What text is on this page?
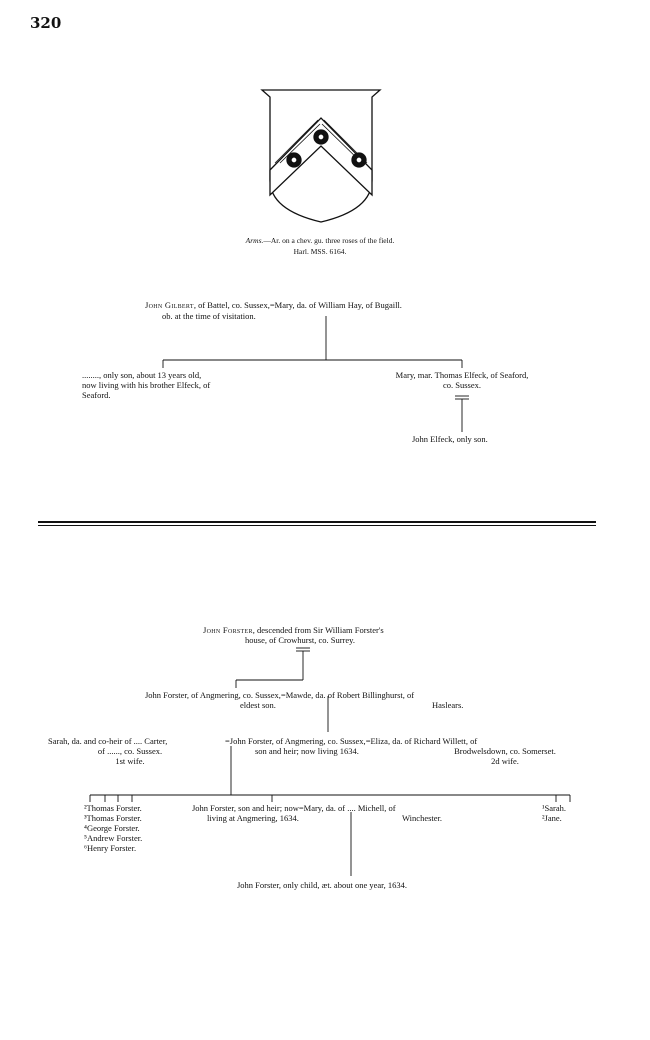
320
Arms.—Ar. on a chev. gu. three roses of the field.
Harl. MSS. 6164.
John Gilbert, of Battel, co. Sussex,=Mary, da. of William Hay, of Bugaill.
ob. at the time of visitation.
........, only son, about 13 years old,
now living with his brother Elfeck, of
Seaford.
Mary, mar. Thomas Elfeck, of Seaford,
co. Sussex.
John Elfeck, only son.
John Forster, descended from Sir William Forster's
house, of Crowhurst, co. Surrey.
John Forster, of Angmering, co. Sussex,=Mawde, da. of Robert Billinghurst, of
eldest son.	Haslears.
Sarah, da. and co-heir of .... Carter,
of ......, co. Sussex.
1st wife.
=John Forster, of Angmering, co. Sussex,=Eliza, da. of Richard Willett, of
son and heir; now living 1634.	Brodwelsdown, co. Somerset.
2d wife.
²Thomas Forster.
³Thomas Forster.
⁴George Forster.
⁵Andrew Forster.
⁶Henry Forster.
John Forster, son and heir; now=Mary, da. of .... Michell, of
living at Angmering, 1634.	Winchester.
¹Sarah.
²Jane.
John Forster, only child, æt. about one year, 1634.
